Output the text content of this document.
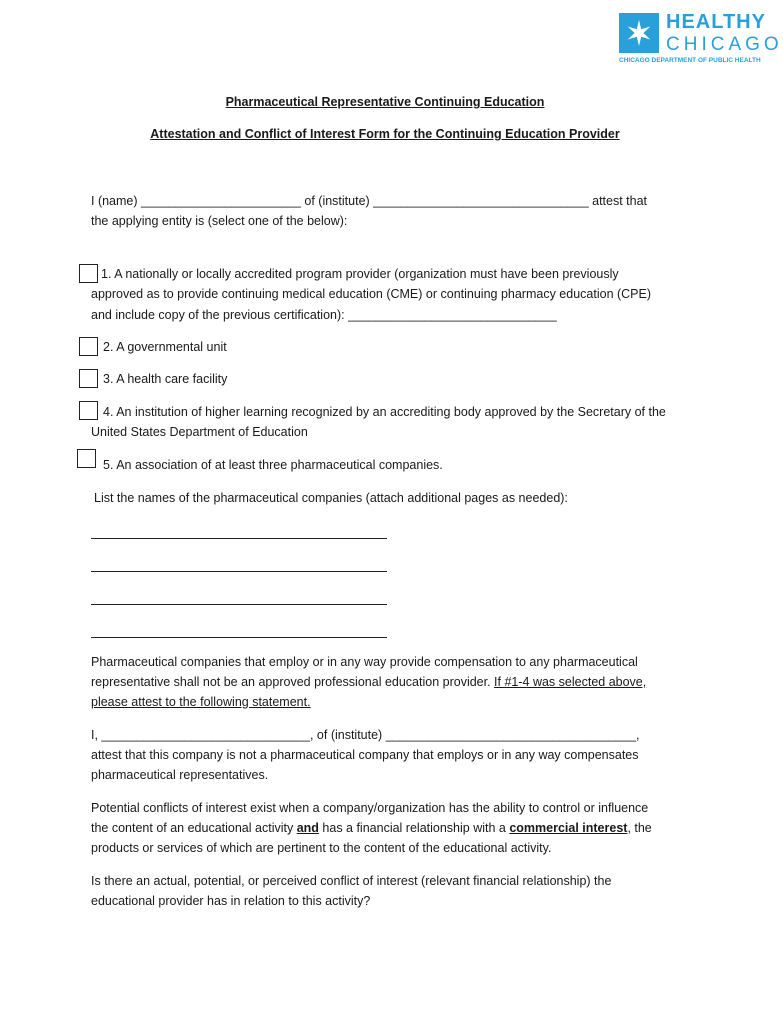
HEALTHY
CHICAGO
CHICAGO DEPARTMENT OF PUBLIC HEALTH
Pharmaceutical Representative Continuing Education
Attestation and Conflict of Interest Form for the Continuing Education Provider
I (name) _______________________ of (institute) _______________________________ attest that
the applying entity is (select one of the below):
1. A nationally or locally accredited program provider (organization must have been previously
approved as to provide continuing medical education (CME) or continuing pharmacy education (CPE)
and include copy of the previous certification): ______________________________
2. A governmental unit
3. A health care facility
4. An institution of higher learning recognized by an accrediting body approved by the Secretary of the
United States Department of Education
5. An association of at least three pharmaceutical companies.
List the names of the pharmaceutical companies (attach additional pages as needed):
Pharmaceutical companies that employ or in any way provide compensation to any pharmaceutical
representative shall not be an approved professional education provider. If #1-4 was selected above,
please attest to the following statement.
I, ______________________________, of (institute) ____________________________________,
attest that this company is not a pharmaceutical company that employs or in any way compensates
pharmaceutical representatives.
Potential conflicts of interest exist when a company/organization has the ability to control or influence
the content of an educational activity and has a financial relationship with a commercial interest, the
products or services of which are pertinent to the content of the educational activity.
Is there an actual, potential, or perceived conflict of interest (relevant financial relationship) the
educational provider has in relation to this activity?
